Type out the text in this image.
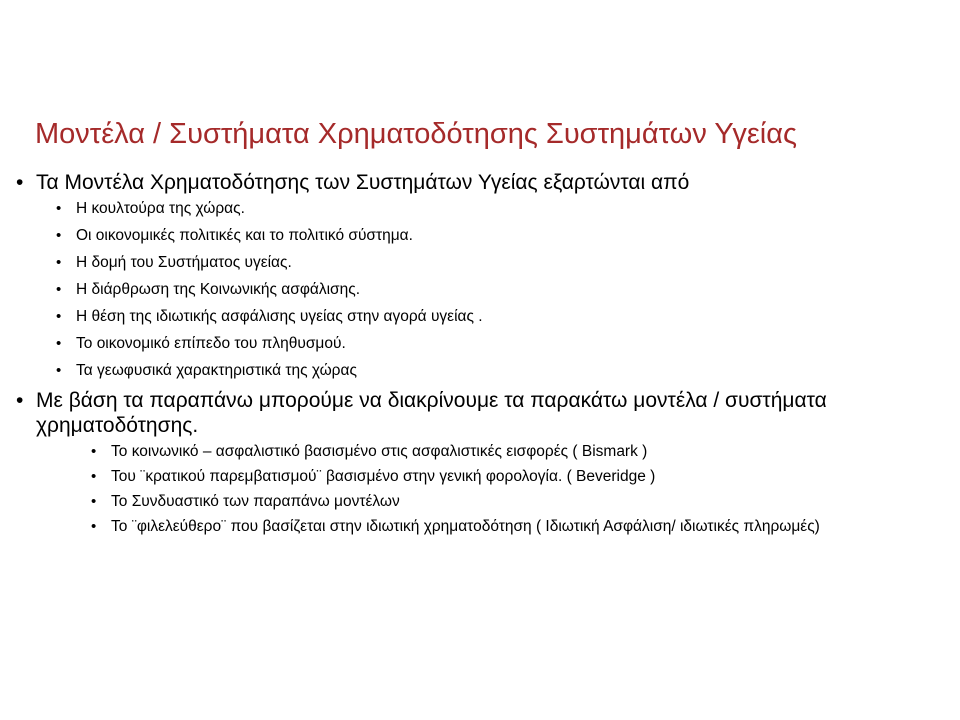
Μοντέλα / Συστήματα Χρηματοδότησης Συστημάτων Υγείας
• Τα Μοντέλα Χρηματοδότησης των Συστημάτων Υγείας εξαρτώνται από
• Η κουλτούρα της χώρας.
• Οι οικονομικές πολιτικές και το πολιτικό σύστημα.
• Η δομή του Συστήματος υγείας.
• Η διάρθρωση της Κοινωνικής ασφάλισης.
• Η θέση της ιδιωτικής ασφάλισης υγείας στην αγορά υγείας .
• Το οικονομικό επίπεδο του πληθυσμού.
• Τα γεωφυσικά χαρακτηριστικά της χώρας
• Με βάση τα παραπάνω μπορούμε να διακρίνουμε τα παρακάτω μοντέλα / συστήματα χρηματοδότησης.
• Το κοινωνικό – ασφαλιστικό βασισμένο στις ασφαλιστικές εισφορές ( Bismark )
• Του ¨κρατικού παρεμβατισμού¨ βασισμένο στην γενική φορολογία. ( Beveridge )
• Το Συνδυαστικό των παραπάνω μοντέλων
• Το ¨φιλελεύθερο¨ που βασίζεται στην ιδιωτική χρηματοδότηση ( Ιδιωτική Ασφάλιση/ ιδιωτικές πληρωμές)
